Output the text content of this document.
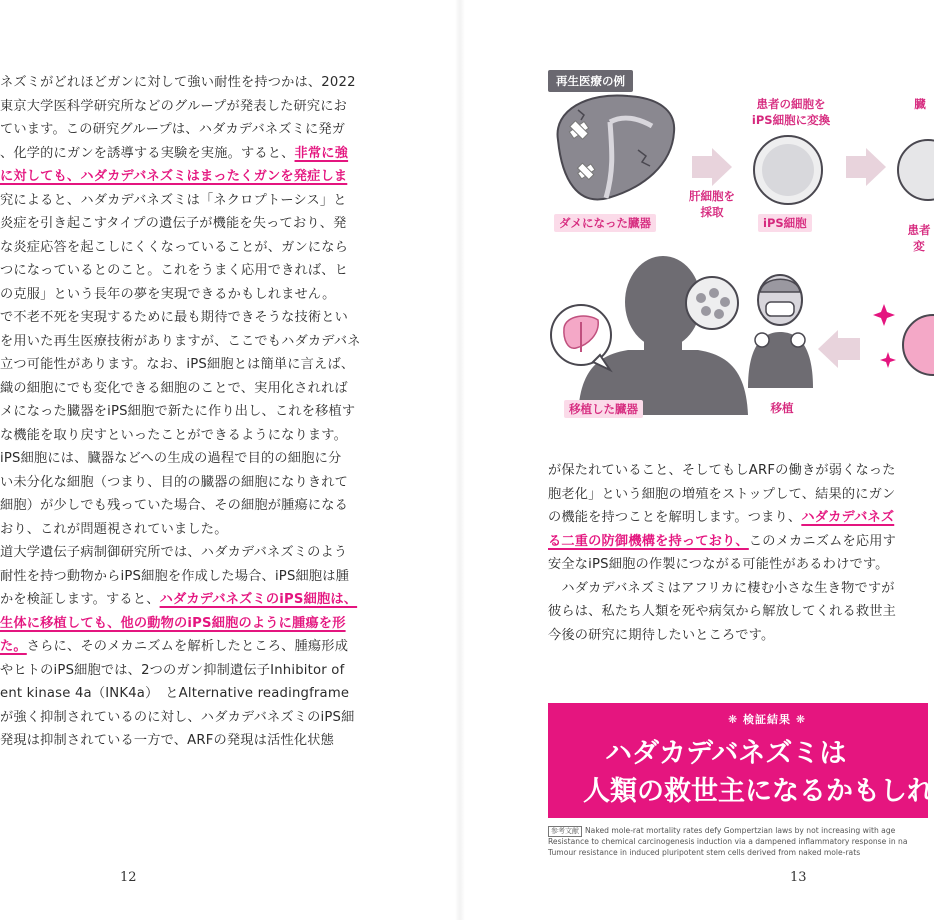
ネズミがどれほどガンに対して強い耐性を持つかは、2022
東京大学医科学研究所などのグループが発表した研究にお
ています。この研究グループは、ハダカデバネズミに発ガ
、化学的にガンを誘導する実験を実施。すると、非常に強
に対しても、ハダカデバネズミはまったくガンを発症しま
究によると、ハダカデバネズミは「ネクロプトーシス」と
炎症を引き起こすタイプの遺伝子が機能を失っており、発
な炎症応答を起こしにくくなっていることが、ガンになら
つになっているとのこと。これをうまく応用できれば、ヒ
の克服」という長年の夢を実現できるかもしれません。
で不老不死を実現するために最も期待できそうな技術とい
を用いた再生医療技術がありますが、ここでもハダカデバネ
立つ可能性があります。なお、iPS細胞とは簡単に言えば、
織の細胞にでも変化できる細胞のことで、実用化されれば
メになった臓器をiPS細胞で新たに作り出し、これを移植す
な機能を取り戻すといったことができるようになります。
iPS細胞には、臓器などへの生成の過程で目的の細胞に分
い未分化な細胞（つまり、目的の臓器の細胞になりきれて
細胞）が少しでも残っていた場合、その細胞が腫瘍になる
おり、これが問題視されていました。
道大学遺伝子病制御研究所では、ハダカデバネズミのよう
耐性を持つ動物からiPS細胞を作成した場合、iPS細胞は腫
かを検証します。すると、ハダカデバネズミのiPS細胞は、
生体に移植しても、他の動物のiPS細胞のように腫瘍を形
た。さらに、そのメカニズムを解析したところ、腫瘍形成
やヒトのiPS細胞では、2つのガン抑制遺伝子Inhibitor of
ent kinase 4a（INK4a）　とAlternative readingframe
が強く抑制されているのに対し、ハダカデバネズミのiPS細
発現は抑制されている一方で、ARFの発現は活性化状態
12
再生医療の例
患者の細胞を
iPS細胞に変換
ダメになった臓器
肝細胞を
採取
iPS細胞
移植した臓器	移植
臓
患者
変
が保たれていること、そしてもしARFの働きが弱くなった
胞老化」という細胞の増殖をストップして、結果的にガン
の機能を持つことを解明します。つまり、ハダカデバネズ
る二重の防御機構を持っており、このメカニズムを応用す
安全なiPS細胞の作製につながる可能性があるわけです。
　ハダカデバネズミはアフリカに棲む小さな生き物ですが
彼らは、私たち人類を死や病気から解放してくれる救世主
今後の研究に期待したいところです。
❋ 検証結果 ❋
ハダカデバネズミは
人類の救世主になるかもしれ
参考文献 Naked mole-rat mortality rates defy Gompertzian laws by not increasing with age
Resistance to chemical carcinogenesis induction via a dampened inflammatory response in na
Tumour resistance in induced pluripotent stem cells derived from naked mole-rats
13
